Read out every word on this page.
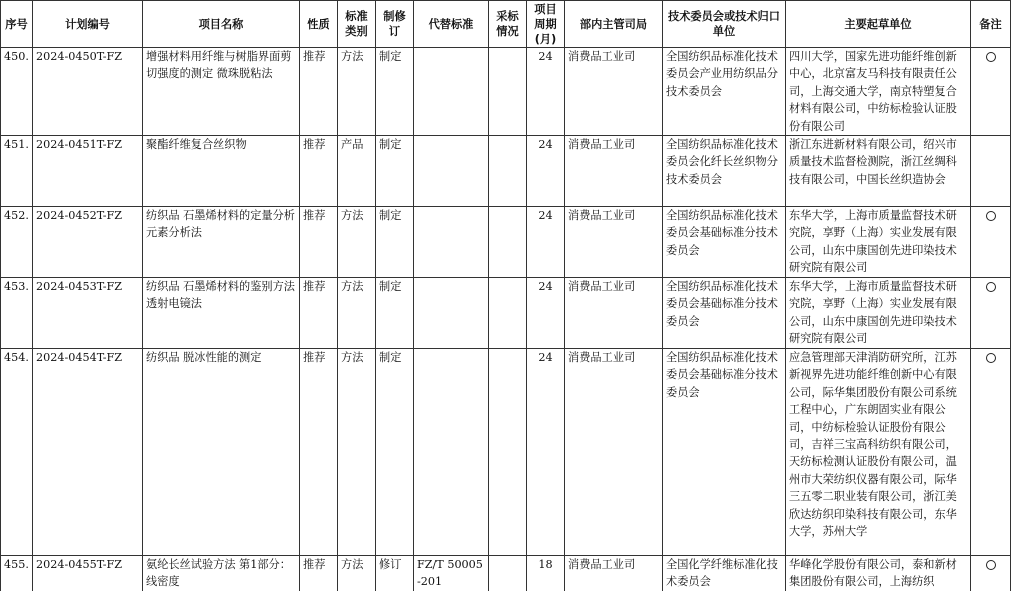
序号	计划编号	项目名称	性质	标准类别	制修订	代替标准	采标情况	项目周期(月)	部内主管司局	技术委员会或技术归口单位	主要起草单位	备注
450.	2024-0450T-FZ	增强材料用纤维与树脂界面剪切强度的测定 微珠脱粘法	推荐	方法	制定			24	消费品工业司	全国纺织品标准化技术委员会产业用纺织品分技术委员会	四川大学，国家先进功能纤维创新中心，北京富友马科技有限责任公司，上海交通大学，南京特塑复合材料有限公司，中纺标检验认证股份有限公司	
451.	2024-0451T-FZ	聚酯纤维复合丝织物	推荐	产品	制定			24	消费品工业司	全国纺织品标准化技术委员会化纤长丝织物分技术委员会	浙江东进新材料有限公司，绍兴市质量技术监督检测院，浙江丝绸科技有限公司，中国长丝织造协会	
452.	2024-0452T-FZ	纺织品 石墨烯材料的定量分析 元素分析法	推荐	方法	制定			24	消费品工业司	全国纺织品标准化技术委员会基础标准分技术委员会	东华大学，上海市质量监督技术研究院，享野（上海）实业发展有限公司，山东中康国创先进印染技术研究院有限公司	
453.	2024-0453T-FZ	纺织品 石墨烯材料的鉴别方法 透射电镜法	推荐	方法	制定			24	消费品工业司	全国纺织品标准化技术委员会基础标准分技术委员会	东华大学，上海市质量监督技术研究院，享野（上海）实业发展有限公司，山东中康国创先进印染技术研究院有限公司	
454.	2024-0454T-FZ	纺织品 脱冰性能的测定	推荐	方法	制定			24	消费品工业司	全国纺织品标准化技术委员会基础标准分技术委员会	应急管理部天津消防研究所，江苏新视界先进功能纤维创新中心有限公司，际华集团股份有限公司系统工程中心，广东朗固实业有限公司，中纺标检验认证股份有限公司，吉祥三宝高科纺织有限公司，天纺标检测认证股份有限公司，温州市大荣纺织仪器有限公司，际华三五零二职业装有限公司，浙江美欣达纺织印染科技有限公司，东华大学，苏州大学	
455.	2024-0455T-FZ	氨纶长丝试验方法 第1部分：线密度	推荐	方法	修订	FZ/T 50005-201		18	消费品工业司	全国化学纤维标准化技术委员会	华峰化学股份有限公司，泰和新材集团股份有限公司，上海纺织	
